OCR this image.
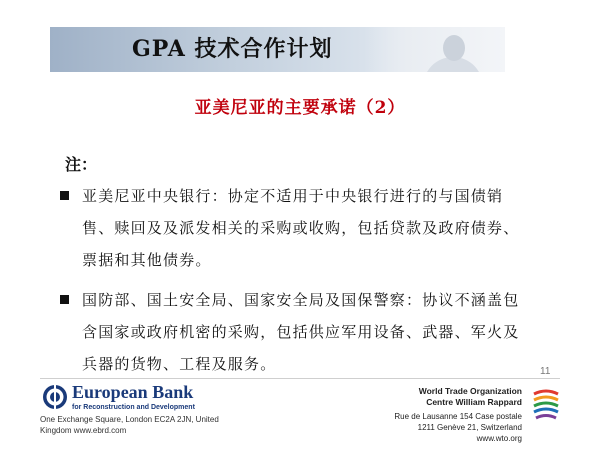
GPA 技术合作计划
亚美尼亚的主要承诺（2）
注：
亚美尼亚中央银行：协定不适用于中央银行进行的与国债销售、赎回及及派发相关的采购或收购，包括贷款及政府债券、票据和其他债券。
国防部、国土安全局、国家安全局及国保警察：协议不涵盖包含国家或政府机密的采购，包括供应军用设备、武器、军火及兵器的货物、工程及服务。	11
European Bank
for Reconstruction and Development
One Exchange Square, London EC2A 2JN, United
Kingdom www.ebrd.com
World Trade Organization
Centre William Rappard
Rue de Lausanne 154 Case postale
1211 Genève 21, Switzerland
www.wto.org
